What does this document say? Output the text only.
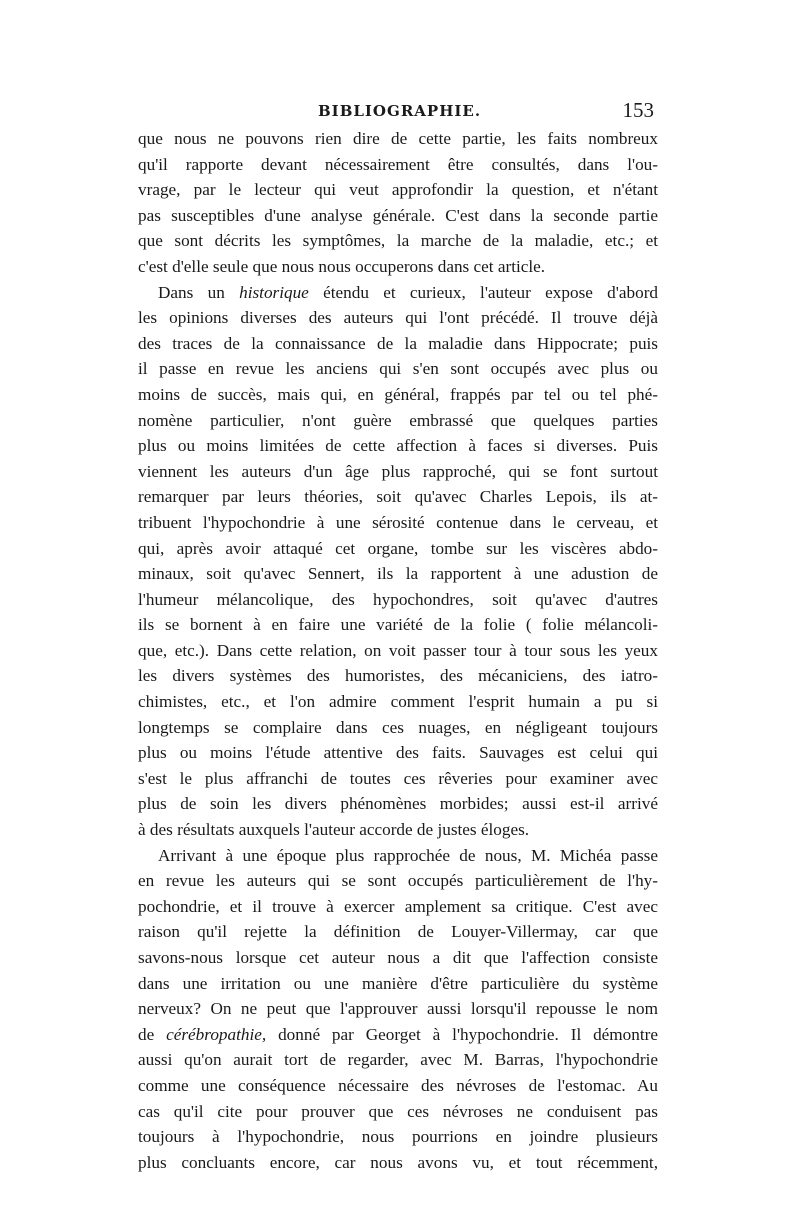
BIBLIOGRAPHIE.	153
que nous ne pouvons rien dire de cette partie, les faits nombreux
qu'il rapporte devant nécessairement être consultés, dans l'ou-
vrage, par le lecteur qui veut approfondir la question, et n'étant
pas susceptibles d'une analyse générale. C'est dans la seconde partie
que sont décrits les symptômes, la marche de la maladie, etc.; et
c'est d'elle seule que nous nous occuperons dans cet article.
Dans un historique étendu et curieux, l'auteur expose d'abord
les opinions diverses des auteurs qui l'ont précédé. Il trouve déjà
des traces de la connaissance de la maladie dans Hippocrate; puis
il passe en revue les anciens qui s'en sont occupés avec plus ou
moins de succès, mais qui, en général, frappés par tel ou tel phé-
nomène particulier, n'ont guère embrassé que quelques parties
plus ou moins limitées de cette affection à faces si diverses. Puis
viennent les auteurs d'un âge plus rapproché, qui se font surtout
remarquer par leurs théories, soit qu'avec Charles Lepois, ils at-
tribuent l'hypochondrie à une sérosité contenue dans le cerveau, et
qui, après avoir attaqué cet organe, tombe sur les viscères abdo-
minaux, soit qu'avec Sennert, ils la rapportent à une adustion de
l'humeur mélancolique, des hypochondres, soit qu'avec d'autres
ils se bornent à en faire une variété de la folie ( folie mélancoli-
que, etc.). Dans cette relation, on voit passer tour à tour sous les yeux
les divers systèmes des humoristes, des mécaniciens, des iatro-
chimistes, etc., et l'on admire comment l'esprit humain a pu si
longtemps se complaire dans ces nuages, en négligeant toujours
plus ou moins l'étude attentive des faits. Sauvages est celui qui
s'est le plus affranchi de toutes ces rêveries pour examiner avec
plus de soin les divers phénomènes morbides; aussi est-il arrivé
à des résultats auxquels l'auteur accorde de justes éloges.
Arrivant à une époque plus rapprochée de nous, M. Michéa passe
en revue les auteurs qui se sont occupés particulièrement de l'hy-
pochondrie, et il trouve à exercer amplement sa critique. C'est avec
raison qu'il rejette la définition de Louyer-Villermay, car que
savons-nous lorsque cet auteur nous a dit que l'affection consiste
dans une irritation ou une manière d'être particulière du système
nerveux? On ne peut que l'approuver aussi lorsqu'il repousse le nom
de cérébropathie, donné par Georget à l'hypochondrie. Il démontre
aussi qu'on aurait tort de regarder, avec M. Barras, l'hypochondrie
comme une conséquence nécessaire des névroses de l'estomac. Au
cas qu'il cite pour prouver que ces névroses ne conduisent pas
toujours à l'hypochondrie, nous pourrions en joindre plusieurs
plus concluants encore, car nous avons vu, et tout récemment,
